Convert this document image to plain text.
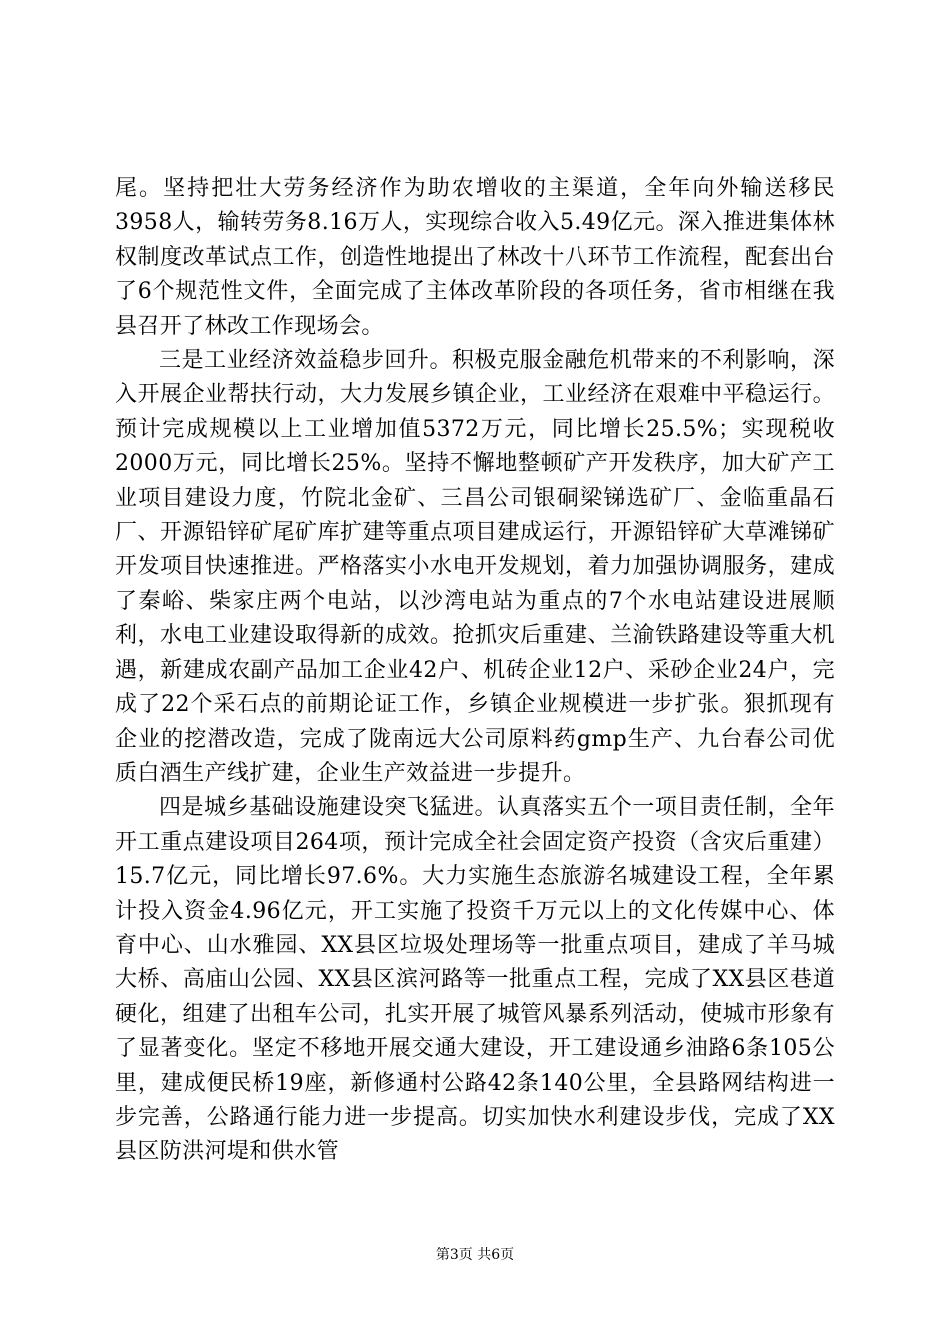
尾。坚持把壮大劳务经济作为助农增收的主渠道，全年向外输送移民3958人，输转劳务8.16万人，实现综合收入5.49亿元。深入推进集体林权制度改革试点工作，创造性地提出了林改十八环节工作流程，配套出台了6个规范性文件，全面完成了主体改革阶段的各项任务，省市相继在我县召开了林改工作现场会。

三是工业经济效益稳步回升。积极克服金融危机带来的不利影响，深入开展企业帮扶行动，大力发展乡镇企业，工业经济在艰难中平稳运行。预计完成规模以上工业增加值5372万元，同比增长25.5%；实现税收2000万元，同比增长25%。坚持不懈地整顿矿产开发秩序，加大矿产工业项目建设力度，竹院北金矿、三昌公司银硐梁锑选矿厂、金临重晶石厂、开源铅锌矿尾矿库扩建等重点项目建成运行，开源铅锌矿大草滩锑矿开发项目快速推进。严格落实小水电开发规划，着力加强协调服务，建成了秦峪、柴家庄两个电站，以沙湾电站为重点的7个水电站建设进展顺利，水电工业建设取得新的成效。抢抓灾后重建、兰渝铁路建设等重大机遇，新建成农副产品加工企业42户、机砖企业12户、采砂企业24户，完成了22个采石点的前期论证工作，乡镇企业规模进一步扩张。狠抓现有企业的挖潜改造，完成了陇南远大公司原料药gmp生产、九台春公司优质白酒生产线扩建，企业生产效益进一步提升。

四是城乡基础设施建设突飞猛进。认真落实五个一项目责任制，全年开工重点建设项目264项，预计完成全社会固定资产投资（含灾后重建）15.7亿元，同比增长97.6%。大力实施生态旅游名城建设工程，全年累计投入资金4.96亿元，开工实施了投资千万元以上的文化传媒中心、体育中心、山水雅园、XX县区垃圾处理场等一批重点项目，建成了羊马城大桥、高庙山公园、XX县区滨河路等一批重点工程，完成了XX县区巷道硬化，组建了出租车公司，扎实开展了城管风暴系列活动，使城市形象有了显著变化。坚定不移地开展交通大建设，开工建设通乡油路6条105公里，建成便民桥19座，新修通村公路42条140公里，全县路网结构进一步完善，公路通行能力进一步提高。切实加快水利建设步伐，完成了XX县区防洪河堤和供水管

第3页 共6页
